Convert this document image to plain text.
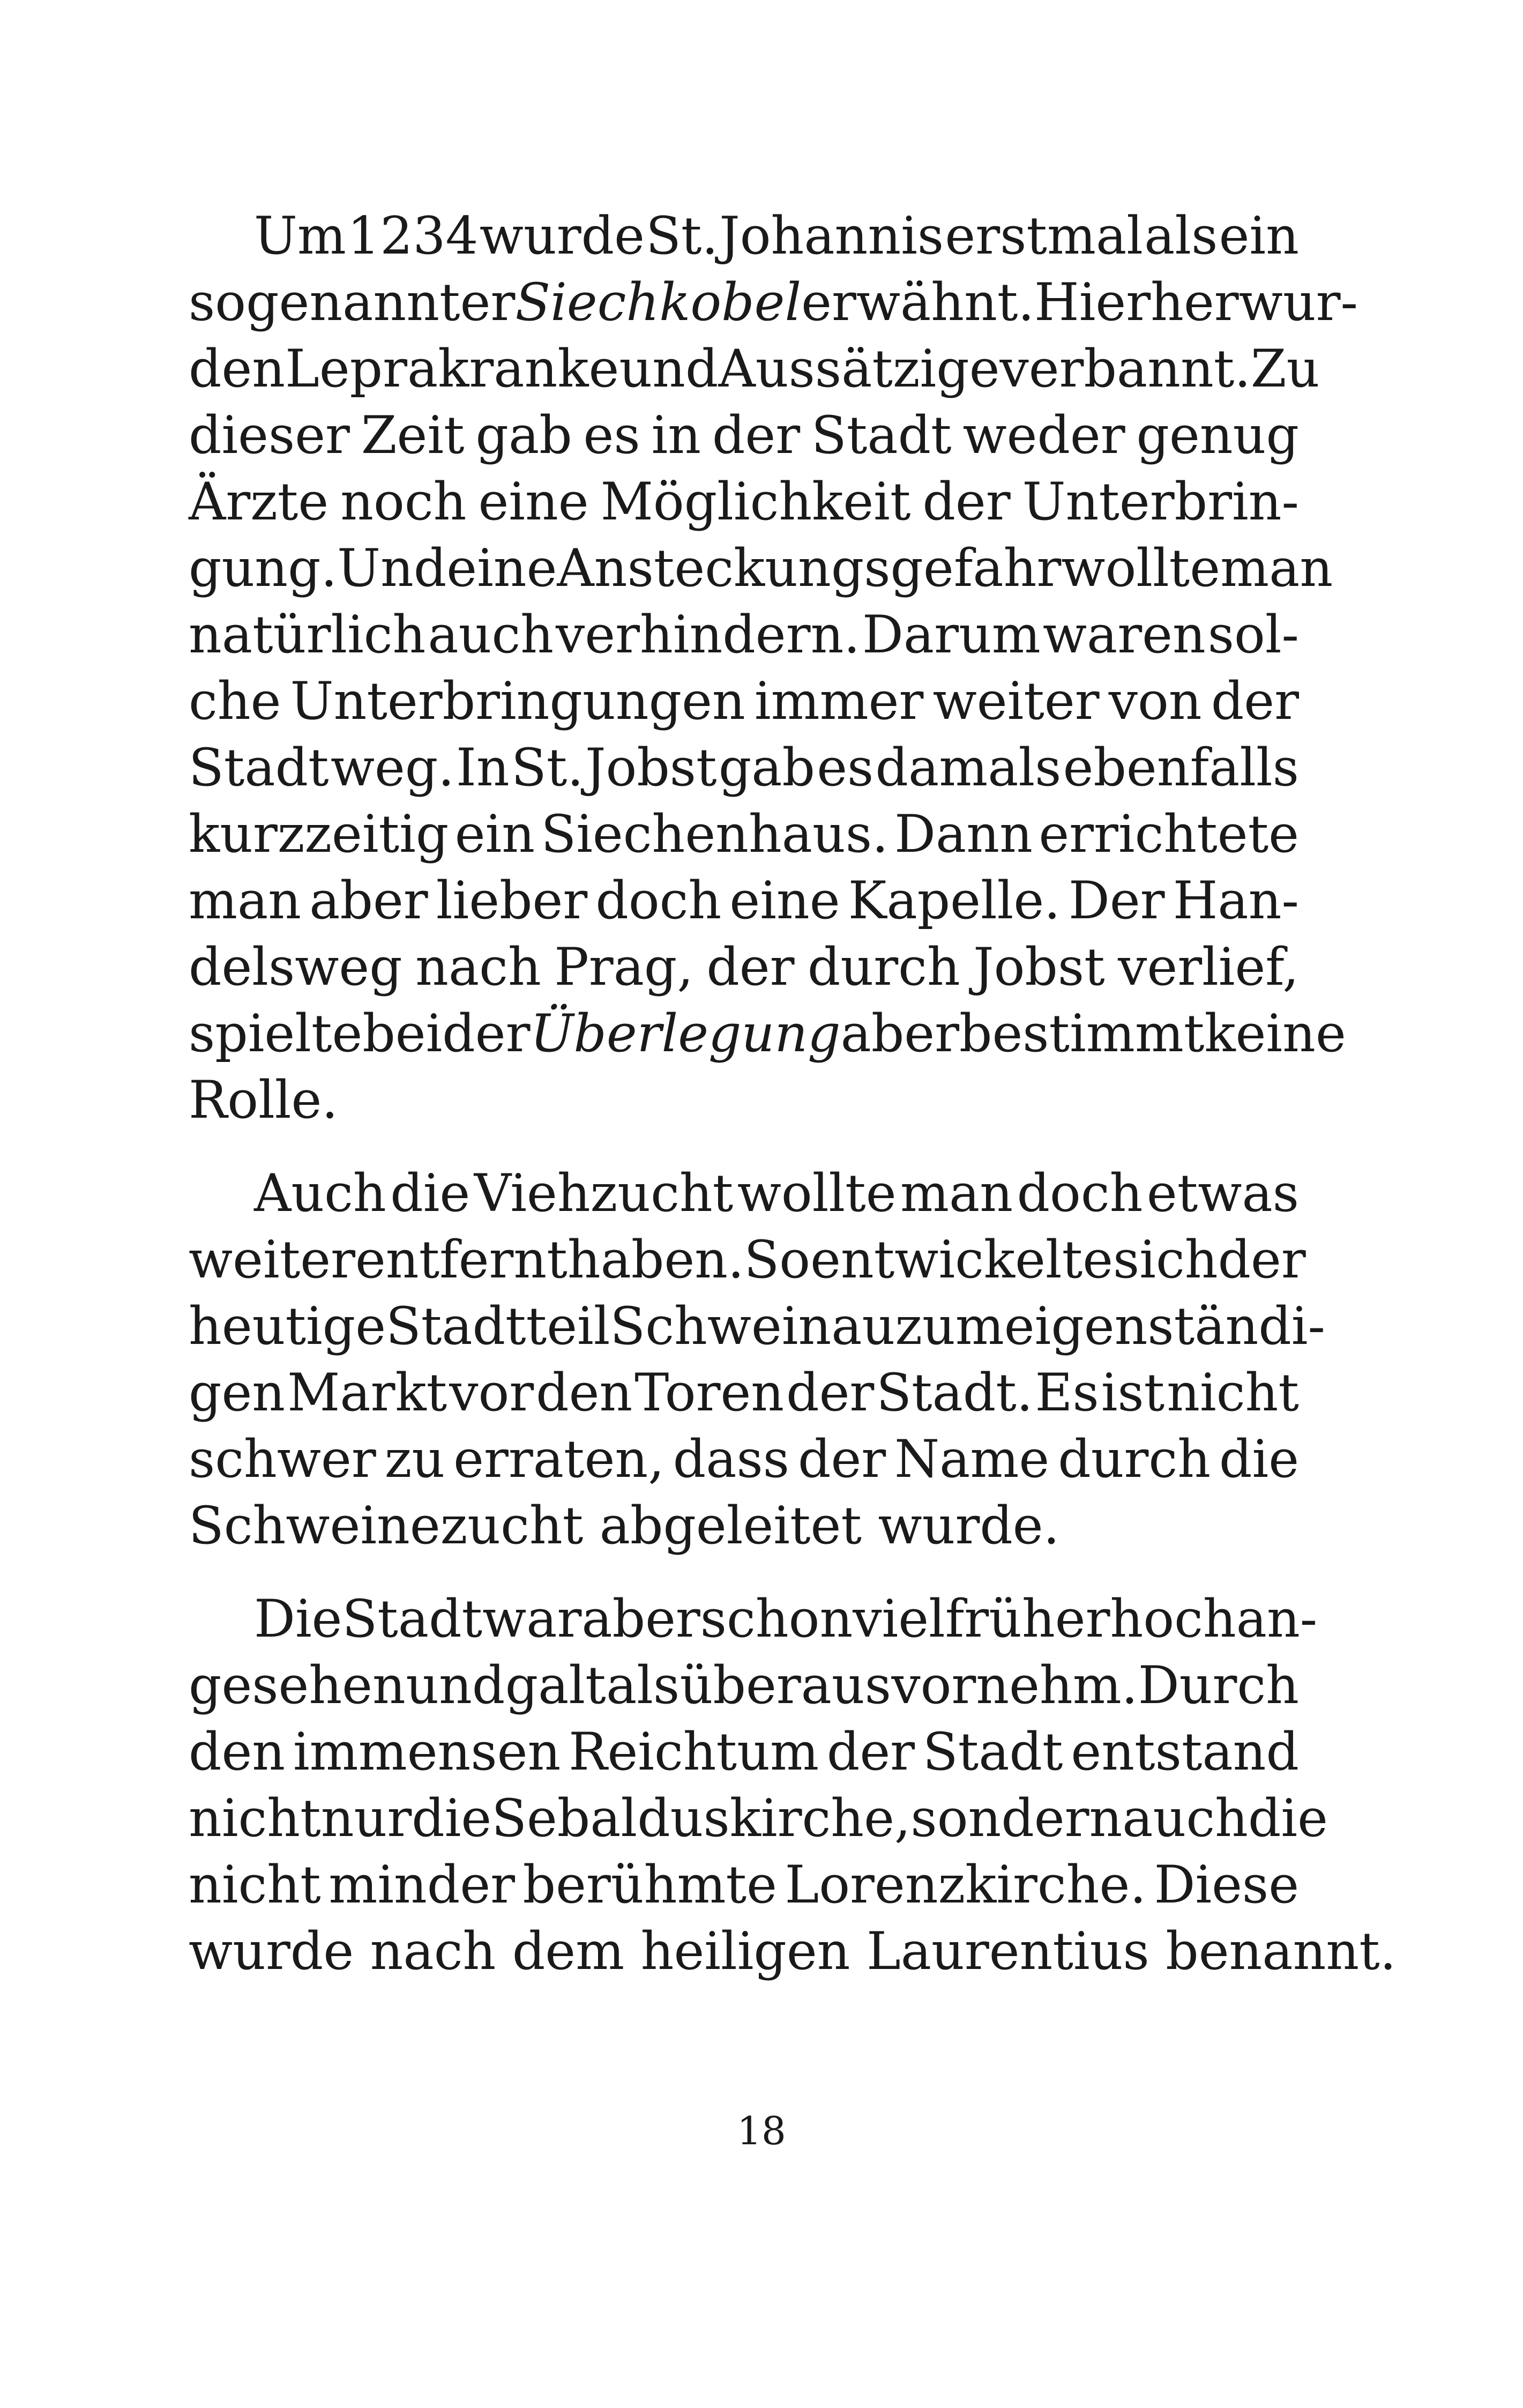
Um 1234 wurde St. Johannis erstmal als ein
sogenannter Siechkobel erwähnt. Hierher wur-
den Leprakranke und Aussätzige verbannt. Zu
dieser Zeit gab es in der Stadt weder genug
Ärzte noch eine Möglichkeit der Unterbrin-
gung. Und eine Ansteckungsgefahr wollte man
natürlich auch verhindern. Darum waren sol-
che Unterbringungen immer weiter von der
Stadt weg. In St. Jobst gab es damals ebenfalls
kurzzeitig ein Siechenhaus. Dann errichtete
man aber lieber doch eine Kapelle. Der Han-
delsweg nach Prag, der durch Jobst verlief,
spielte bei der Überlegung aber bestimmt keine
Rolle.
Auch die Viehzucht wollte man doch etwas
weiter entfernt haben. So entwickelte sich der
heutige Stadtteil Schweinau zum eigenständi-
gen Markt vor den Toren der Stadt. Es ist nicht
schwer zu erraten, dass der Name durch die
Schweinezucht abgeleitet wurde.
Die Stadt war aber schon viel früher hoch an-
gesehen und galt als überaus vornehm. Durch
den immensen Reichtum der Stadt entstand
nicht nur die Sebalduskirche, sondern auch die
nicht minder berühmte Lorenzkirche. Diese
wurde nach dem heiligen Laurentius benannt.
18
